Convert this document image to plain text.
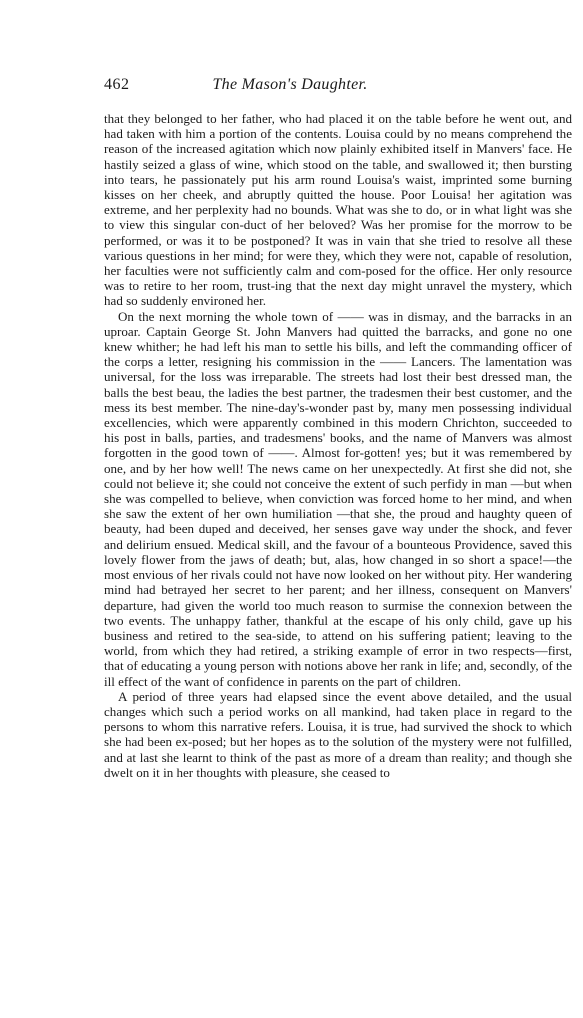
462	The Mason's Daughter.

that they belonged to her father, who had placed it on the table before he went out, and had taken with him a portion of the contents. Louisa could by no means comprehend the reason of the increased agitation which now plainly exhibited itself in Manvers' face. He hastily seized a glass of wine, which stood on the table, and swallowed it; then bursting into tears, he passionately put his arm round Louisa's waist, imprinted some burning kisses on her cheek, and abruptly quitted the house. Poor Louisa! her agitation was extreme, and her perplexity had no bounds. What was she to do, or in what light was she to view this singular con-duct of her beloved? Was her promise for the morrow to be performed, or was it to be postponed? It was in vain that she tried to resolve all these various questions in her mind; for were they, which they were not, capable of resolution, her faculties were not sufficiently calm and com-posed for the office. Her only resource was to retire to her room, trust-ing that the next day might unravel the mystery, which had so suddenly environed her.

On the next morning the whole town of —— was in dismay, and the barracks in an uproar. Captain George St. John Manvers had quitted the barracks, and gone no one knew whither; he had left his man to settle his bills, and left the commanding officer of the corps a letter, resigning his commission in the —— Lancers. The lamentation was universal, for the loss was irreparable. The streets had lost their best dressed man, the balls the best beau, the ladies the best partner, the tradesmen their best customer, and the mess its best member. The nine-day's-wonder past by, many men possessing individual excellencies, which were apparently combined in this modern Chrichton, succeeded to his post in balls, parties, and tradesmens' books, and the name of Manvers was almost forgotten in the good town of ——. Almost for-gotten! yes; but it was remembered by one, and by her how well! The news came on her unexpectedly. At first she did not, she could not believe it; she could not conceive the extent of such perfidy in man —but when she was compelled to believe, when conviction was forced home to her mind, and when she saw the extent of her own humiliation —that she, the proud and haughty queen of beauty, had been duped and deceived, her senses gave way under the shock, and fever and delirium ensued. Medical skill, and the favour of a bounteous Providence, saved this lovely flower from the jaws of death; but, alas, how changed in so short a space!—the most envious of her rivals could not have now looked on her without pity. Her wandering mind had betrayed her secret to her parent; and her illness, consequent on Manvers' departure, had given the world too much reason to surmise the connexion between the two events. The unhappy father, thankful at the escape of his only child, gave up his business and retired to the sea-side, to attend on his suffering patient; leaving to the world, from which they had retired, a striking example of error in two respects—first, that of educating a young person with notions above her rank in life; and, secondly, of the ill effect of the want of confidence in parents on the part of children.

A period of three years had elapsed since the event above detailed, and the usual changes which such a period works on all mankind, had taken place in regard to the persons to whom this narrative refers. Louisa, it is true, had survived the shock to which she had been ex-posed; but her hopes as to the solution of the mystery were not fulfilled, and at last she learnt to think of the past as more of a dream than reality; and though she dwelt on it in her thoughts with pleasure, she ceased to
